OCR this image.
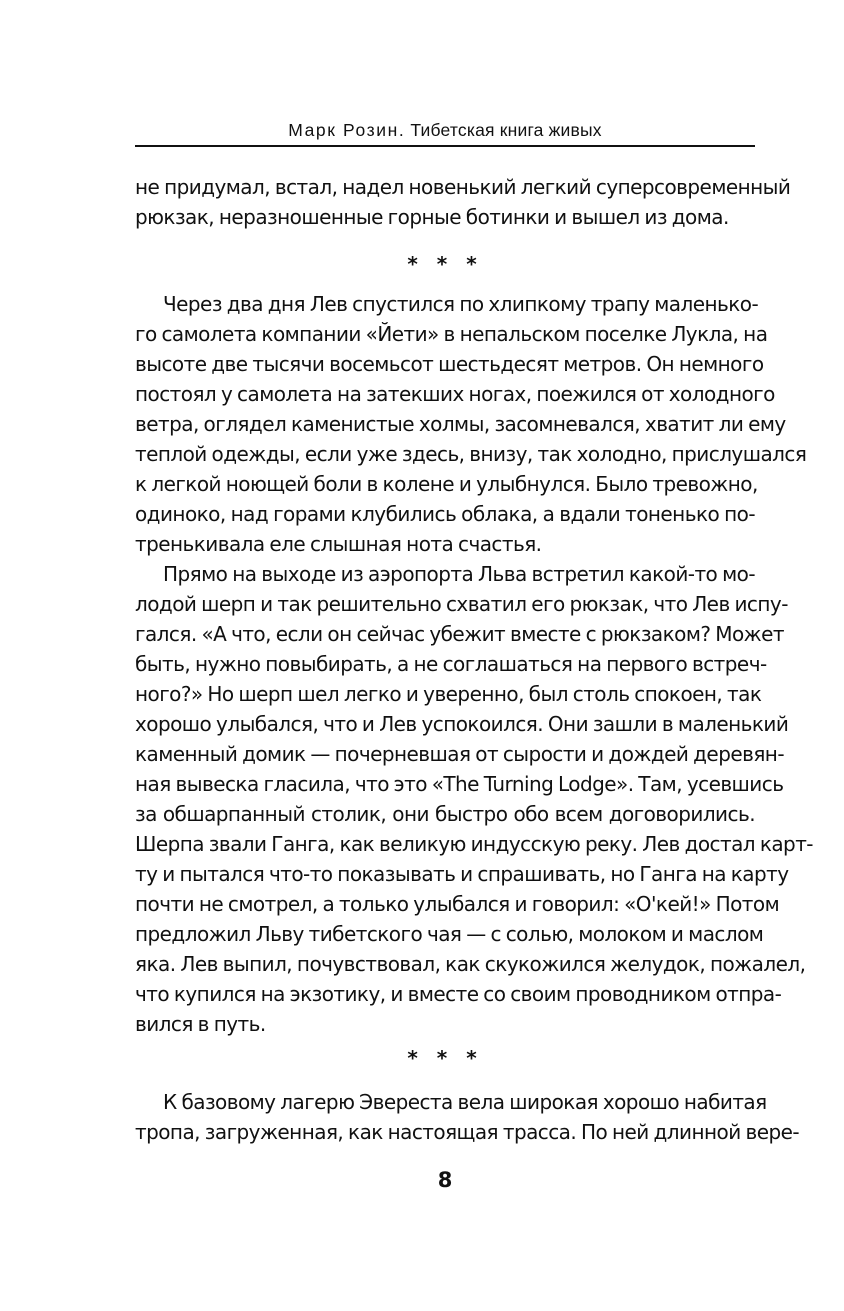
Марк Розин. Тибетская книга живых
не придумал, встал, надел новенький легкий суперсовременный
рюкзак, неразношенные горные ботинки и вышел из дома.
* * *
Через два дня Лев спустился по хлипкому трапу маленько-
го самолета компании «Йети» в непальском поселке Лукла, на
высоте две тысячи восемьсот шестьдесят метров. Он немного
постоял у самолета на затекших ногах, поежился от холодного
ветра, оглядел каменистые холмы, засомневался, хватит ли ему
теплой одежды, если уже здесь, внизу, так холодно, прислушался
к легкой ноющей боли в колене и улыбнулся. Было тревожно,
одиноко, над горами клубились облака, а вдали тоненько по-
тренькивала еле слышная нота счастья.
Прямо на выходе из аэропорта Льва встретил какой-то мо-
лодой шерп и так решительно схватил его рюкзак, что Лев испу-
гался. «А что, если он сейчас убежит вместе с рюкзаком? Может
быть, нужно повыбирать, а не соглашаться на первого встреч-
ного?» Но шерп шел легко и уверенно, был столь спокоен, так
хорошо улыбался, что и Лев успокоился. Они зашли в маленький
каменный домик — почерневшая от сырости и дождей деревян-
ная вывеска гласила, что это «The Turning Lodge». Там, усевшись
за обшарпанный столик, они быстро обо всем договорились.
Шерпа звали Ганга, как великую индусскую реку. Лев достал карт-
ту и пытался что-то показывать и спрашивать, но Ганга на карту
почти не смотрел, а только улыбался и говорил: «О'кей!» Потом
предложил Льву тибетского чая — с солью, молоком и маслом
яка. Лев выпил, почувствовал, как скукожился желудок, пожалел,
что купился на экзотику, и вместе со своим проводником отпра-
вился в путь.
* * *
К базовому лагерю Эвереста вела широкая хорошо набитая
тропа, загруженная, как настоящая трасса. По ней длинной вере-
8
